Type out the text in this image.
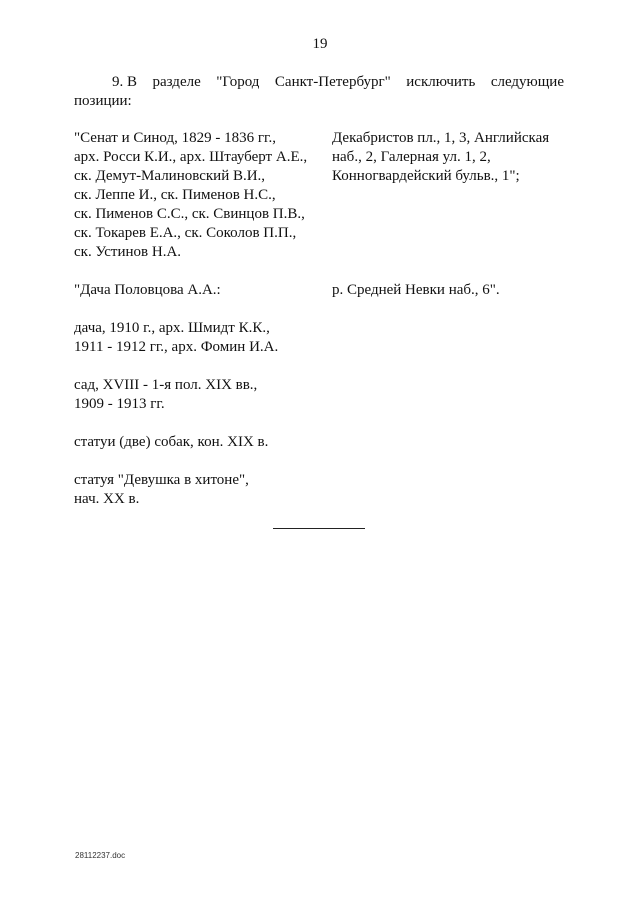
19
9. В разделе "Город Санкт-Петербург" исключить следующие
позиции:
"Сенат и Синод, 1829 - 1836 гг.,
арх. Росси К.И., арх. Штауберт А.Е.,
ск. Демут-Малиновский В.И.,
ск. Леппе И., ск. Пименов Н.С.,
ск. Пименов С.С., ск. Свинцов П.В.,
ск. Токарев Е.А., ск. Соколов П.П.,
ск. Устинов Н.А.
Декабристов пл., 1, 3, Английская
наб., 2, Галерная ул. 1, 2,
Конногвардейский бульв., 1";
"Дача Половцова А.А.:	р. Средней Невки наб., 6".
дача, 1910 г., арх. Шмидт К.К.,
1911 - 1912 гг., арх. Фомин И.А.
сад, XVIII - 1-я пол. XIX вв.,
1909 - 1913 гг.
статуи (две) собак, кон. XIX в.
статуя "Девушка в хитоне",
нач. XX в.
28112237.doc
